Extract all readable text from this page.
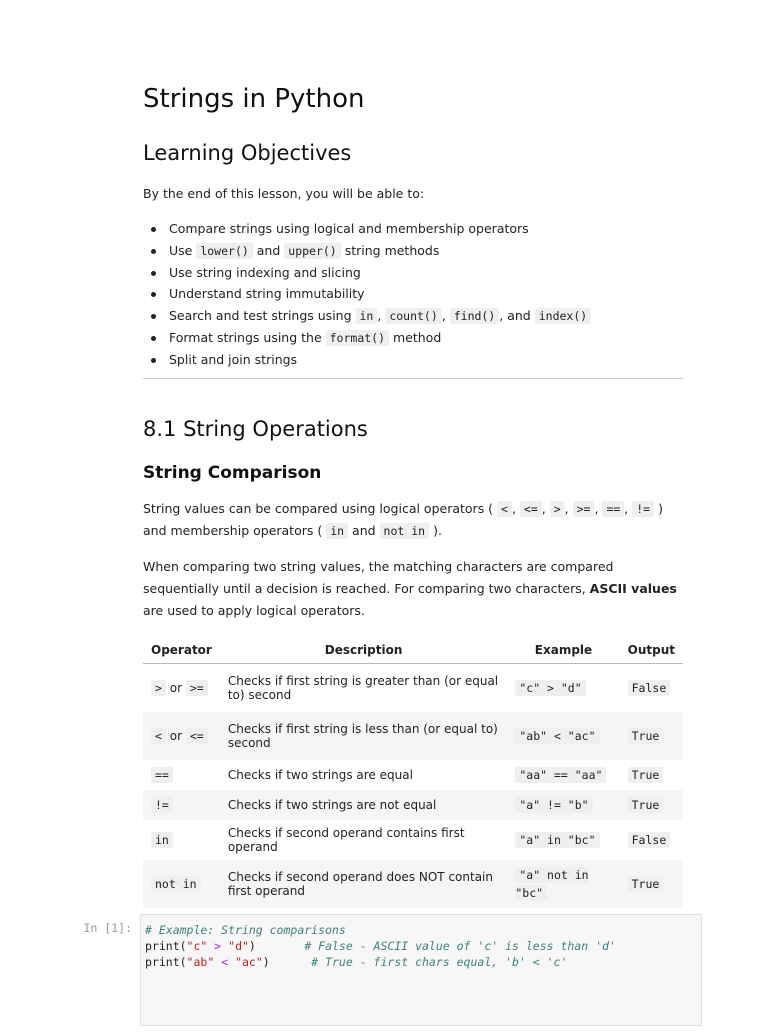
Strings in Python
Learning Objectives

By the end of this lesson, you will be able to:

Compare strings using logical and membership operators
Use lower() and upper() string methods
Use string indexing and slicing
Understand string immutability
Search and test strings using in , count() , find() , and index()
Format strings using the format() method
Split and join strings
8.1 String Operations
String Comparison

String values can be compared using logical operators ( < , <= , > , >= , == , != ) and membership operators ( in and not in ).

When comparing two string values, the matching characters are compared sequentially until a decision is reached. For comparing two characters, ASCII values are used to apply logical operators.

Operator	Description	Example	Output
> or >=	Checks if first string is greater than (or equal to) second	"c" > "d"	False
< or <=	Checks if first string is less than (or equal to) second	"ab" < "ac"	True
==	Checks if two strings are equal	"aa" == "aa"	True
!=	Checks if two strings are not equal	"a" != "b"	True
in	Checks if second operand contains first operand	"a" in "bc"	False
not in	Checks if second operand does NOT contain first operand	"a" not in "bc"	True
In [1]: # Example: String comparisons
print("c" > "d")       # False - ASCII value of 'c' is less than 'd'
print("ab" < "ac")      # True - first chars equal, 'b' < 'c'
